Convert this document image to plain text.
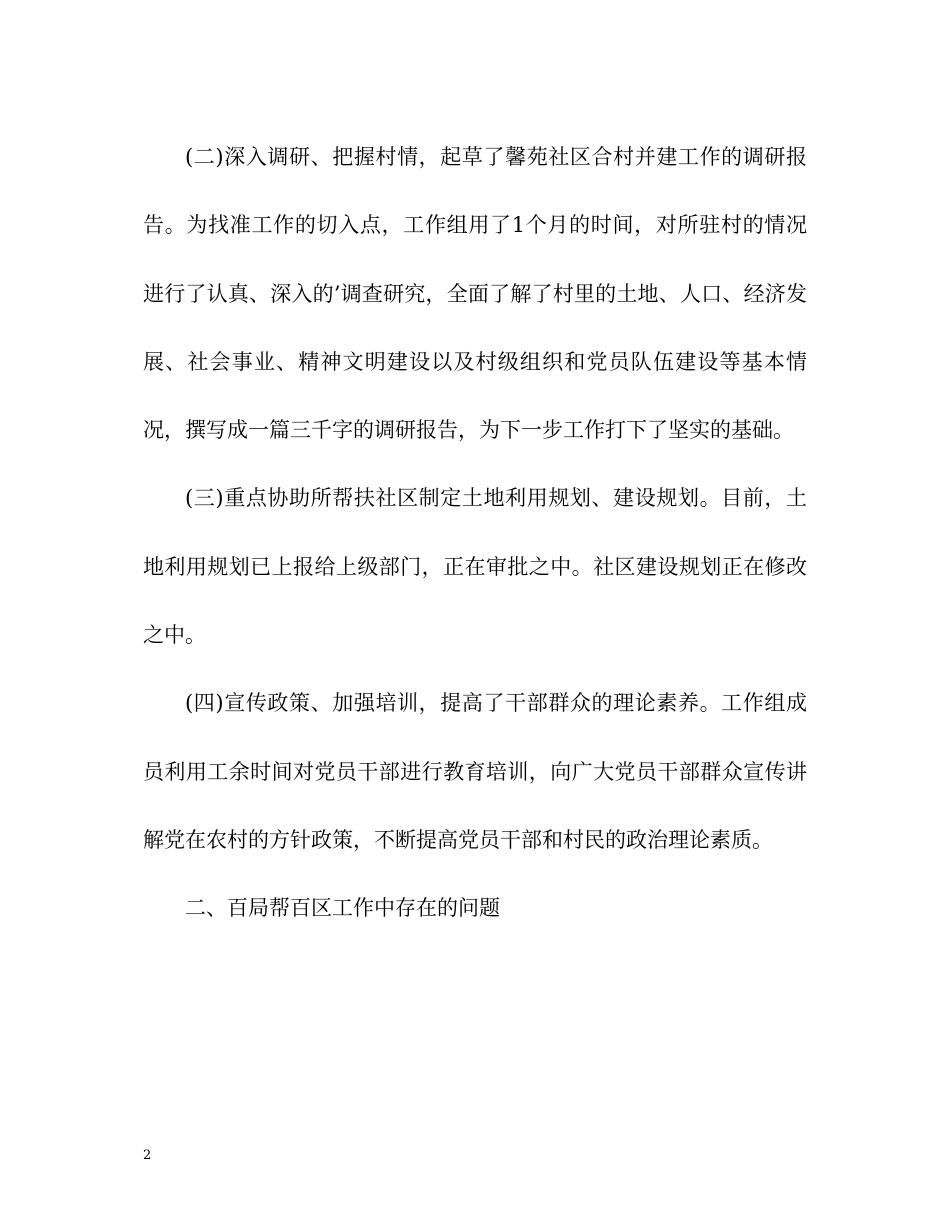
(二)深入调研、把握村情，起草了馨苑社区合村并建工作的调研报告。为找准工作的切入点，工作组用了1个月的时间，对所驻村的情况进行了认真、深入的’调查研究，全面了解了村里的土地、人口、经济发展、社会事业、精神文明建设以及村级组织和党员队伍建设等基本情况，撰写成一篇三千字的调研报告，为下一步工作打下了坚实的基础。

(三)重点协助所帮扶社区制定土地利用规划、建设规划。目前，土地利用规划已上报给上级部门，正在审批之中。社区建设规划正在修改之中。

(四)宣传政策、加强培训，提高了干部群众的理论素养。工作组成员利用工余时间对党员干部进行教育培训，向广大党员干部群众宣传讲解党在农村的方针政策，不断提高党员干部和村民的政治理论素质。

二、百局帮百区工作中存在的问题

2
